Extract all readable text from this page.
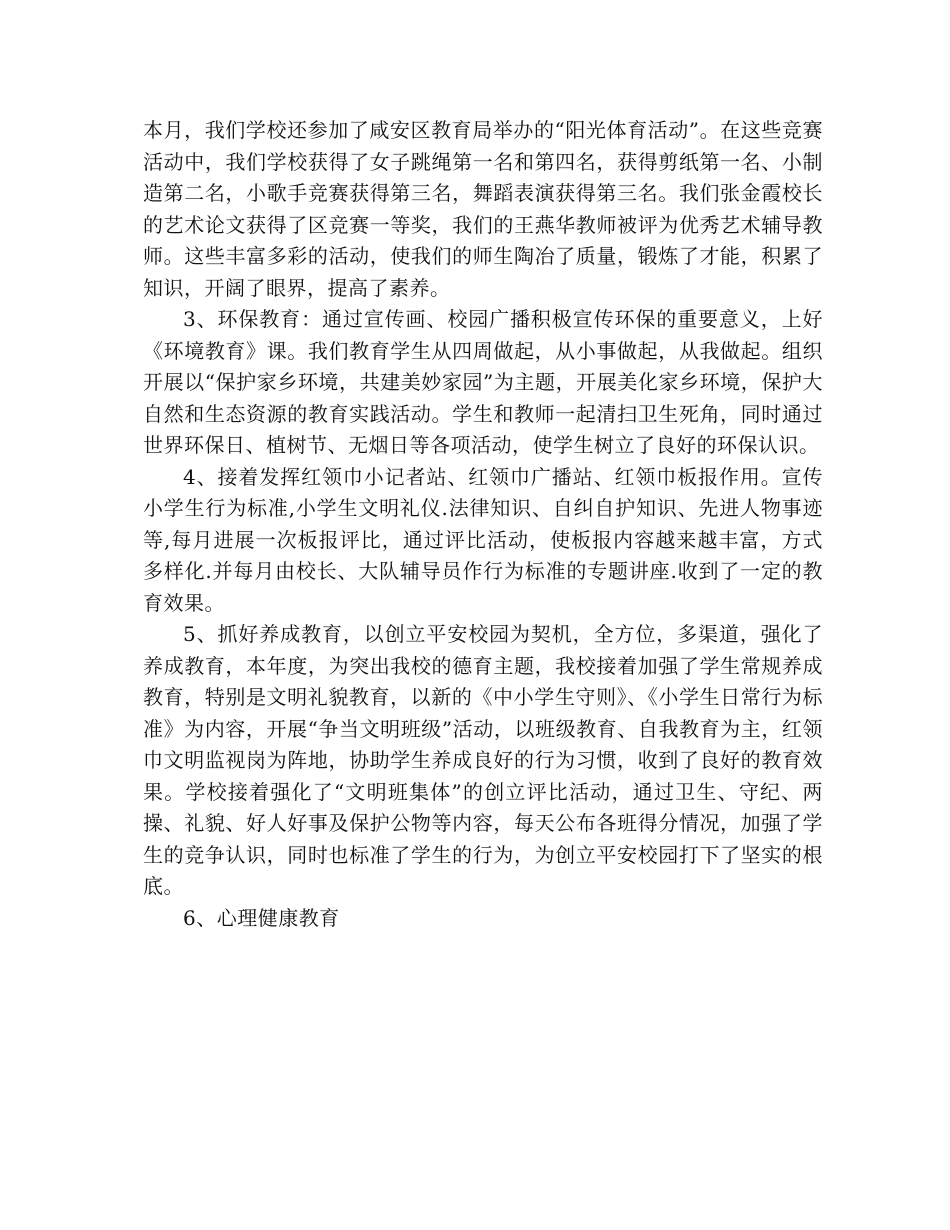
本月，我们学校还参加了咸安区教育局举办的“阳光体育活动”。在这些竞赛活动中，我们学校获得了女子跳绳第一名和第四名，获得剪纸第一名、小制造第二名，小歌手竞赛获得第三名，舞蹈表演获得第三名。我们张金霞校长的艺术论文获得了区竞赛一等奖，我们的王燕华教师被评为优秀艺术辅导教师。这些丰富多彩的活动，使我们的师生陶冶了质量，锻炼了才能，积累了知识，开阔了眼界，提高了素养。

3、环保教育：通过宣传画、校园广播积极宣传环保的重要意义，上好《环境教育》课。我们教育学生从四周做起，从小事做起，从我做起。组织开展以“保护家乡环境，共建美妙家园”为主题，开展美化家乡环境，保护大自然和生态资源的教育实践活动。学生和教师一起清扫卫生死角，同时通过世界环保日、植树节、无烟日等各项活动，使学生树立了良好的环保认识。

4、接着发挥红领巾小记者站、红领巾广播站、红领巾板报作用。宣传小学生行为标准,小学生文明礼仪.法律知识、自纠自护知识、先进人物事迹等,每月进展一次板报评比，通过评比活动，使板报内容越来越丰富，方式多样化.并每月由校长、大队辅导员作行为标准的专题讲座.收到了一定的教育效果。

5、抓好养成教育，以创立平安校园为契机，全方位，多渠道，强化了养成教育，本年度，为突出我校的德育主题，我校接着加强了学生常规养成教育，特别是文明礼貌教育，以新的《中小学生守则》、《小学生日常行为标准》为内容，开展“争当文明班级”活动，以班级教育、自我教育为主，红领巾文明监视岗为阵地，协助学生养成良好的行为习惯，收到了良好的教育效果。学校接着强化了“文明班集体”的创立评比活动，通过卫生、守纪、两操、礼貌、好人好事及保护公物等内容，每天公布各班得分情况，加强了学生的竞争认识，同时也标准了学生的行为，为创立平安校园打下了坚实的根底。

6、心理健康教育
